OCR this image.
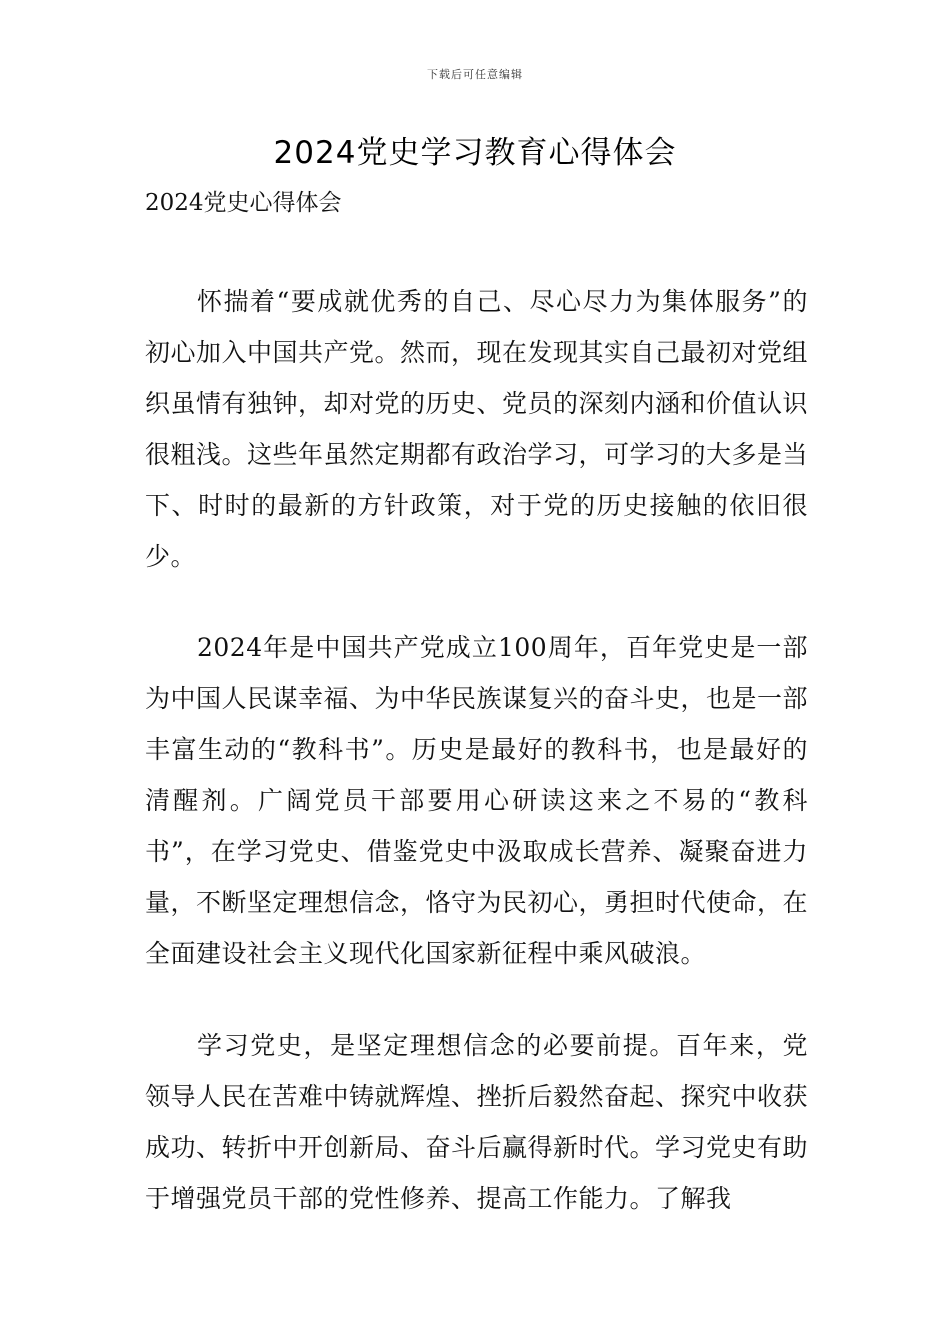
下载后可任意编辑
2024党史学习教育心得体会
2024党史心得体会

怀揣着“要成就优秀的自己、尽心尽力为集体服务”的初心加入中国共产党。然而，现在发现其实自己最初对党组织虽情有独钟，却对党的历史、党员的深刻内涵和价值认识很粗浅。这些年虽然定期都有政治学习，可学习的大多是当下、时时的最新的方针政策，对于党的历史接触的依旧很少。

2024年是中国共产党成立100周年，百年党史是一部为中国人民谋幸福、为中华民族谋复兴的奋斗史，也是一部丰富生动的“教科书”。历史是最好的教科书，也是最好的清醒剂。广阔党员干部要用心研读这来之不易的“教科书”，在学习党史、借鉴党史中汲取成长营养、凝聚奋进力量，不断坚定理想信念，恪守为民初心，勇担时代使命，在全面建设社会主义现代化国家新征程中乘风破浪。

学习党史，是坚定理想信念的必要前提。百年来，党领导人民在苦难中铸就辉煌、挫折后毅然奋起、探究中收获成功、转折中开创新局、奋斗后赢得新时代。学习党史有助于增强党员干部的党性修养、提高工作能力。了解我
